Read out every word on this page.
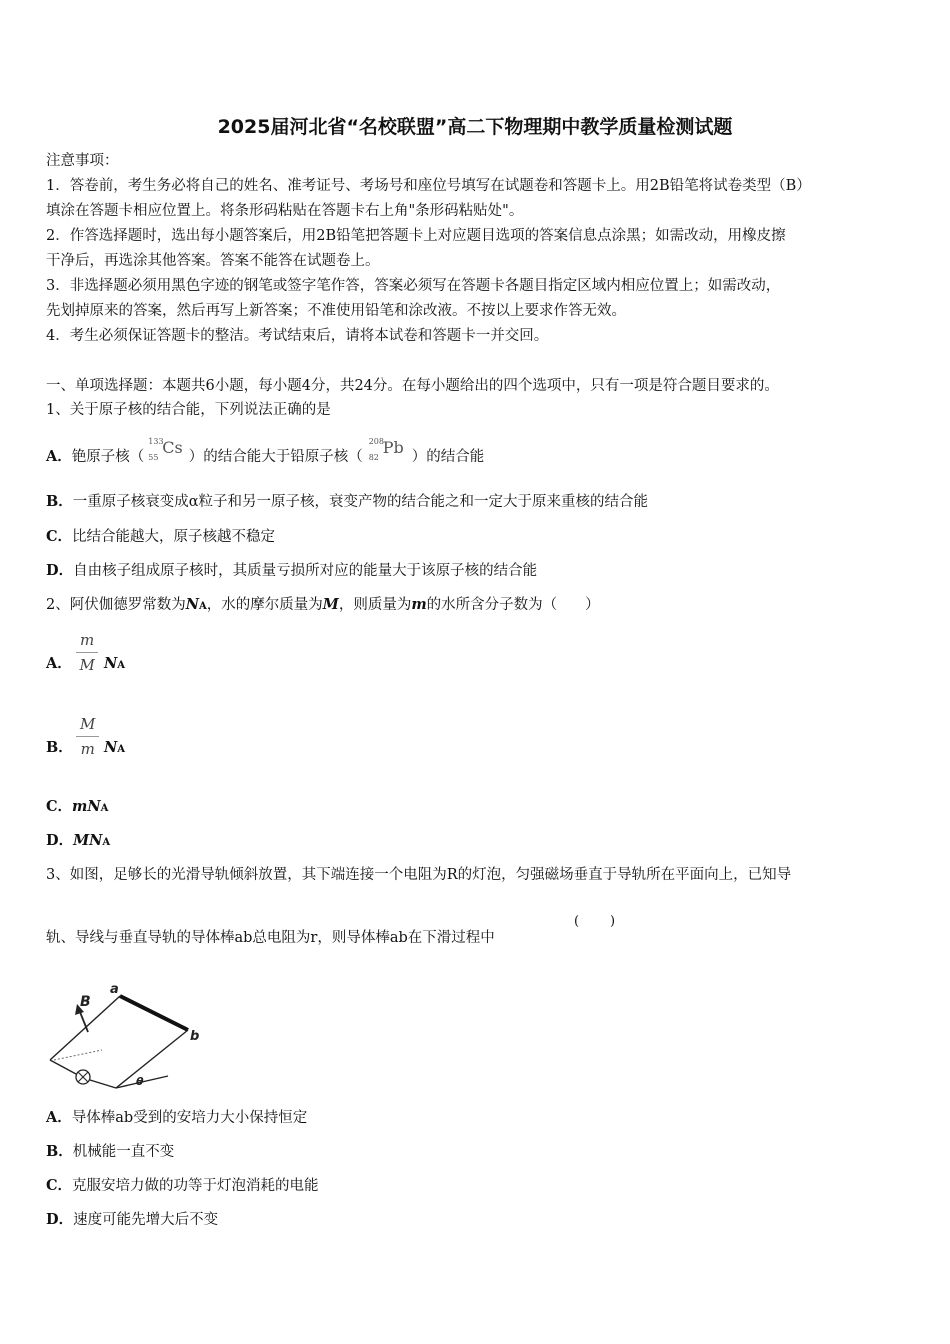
2025届河北省“名校联盟”高二下物理期中教学质量检测试题
注意事项：
1．答卷前，考生务必将自己的姓名、准考证号、考场号和座位号填写在试题卷和答题卡上。用2B铅笔将试卷类型（B）
填涂在答题卡相应位置上。将条形码粘贴在答题卡右上角"条形码粘贴处"。
2．作答选择题时，选出每小题答案后，用2B铅笔把答题卡上对应题目选项的答案信息点涂黑；如需改动，用橡皮擦
干净后，再选涂其他答案。答案不能答在试题卷上。
3．非选择题必须用黑色字迹的钢笔或签字笔作答，答案必须写在答题卡各题目指定区域内相应位置上；如需改动，
先划掉原来的答案，然后再写上新答案；不准使用铅笔和涂改液。不按以上要求作答无效。
4．考生必须保证答题卡的整洁。考试结束后，请将本试卷和答题卡一并交回。
一、单项选择题：本题共6小题，每小题4分，共24分。在每小题给出的四个选项中，只有一项是符合题目要求的。
1、关于原子核的结合能，下列说法正确的是
A．铯原子核（
133
55
Cs ）的结合能大于铅原子核（
208
82
Pb ）的结合能
B．一重原子核衰变成α粒子和另一原子核，衰变产物的结合能之和一定大于原来重核的结合能
C．比结合能越大，原子核越不稳定
D．自由核子组成原子核时，其质量亏损所对应的能量大于该原子核的结合能
2、阿伏伽德罗常数为NA，水的摩尔质量为M，则质量为m的水所含分子数为（ ）
A． $\frac{m}{M}$ NA
B． $\frac{M}{m}$ NA
C．mNA
D．MNA
3、如图，足够长的光滑导轨倾斜放置，其下端连接一个电阻为R的灯泡，匀强磁场垂直于导轨所在平面向上，已知导
轨、导线与垂直导轨的导体棒ab总电阻为r，则导体棒ab在下滑过程中
( )
a
b
B
θ
A．导体棒ab受到的安培力大小保持恒定
B．机械能一直不变
C．克服安培力做的功等于灯泡消耗的电能
D．速度可能先增大后不变
